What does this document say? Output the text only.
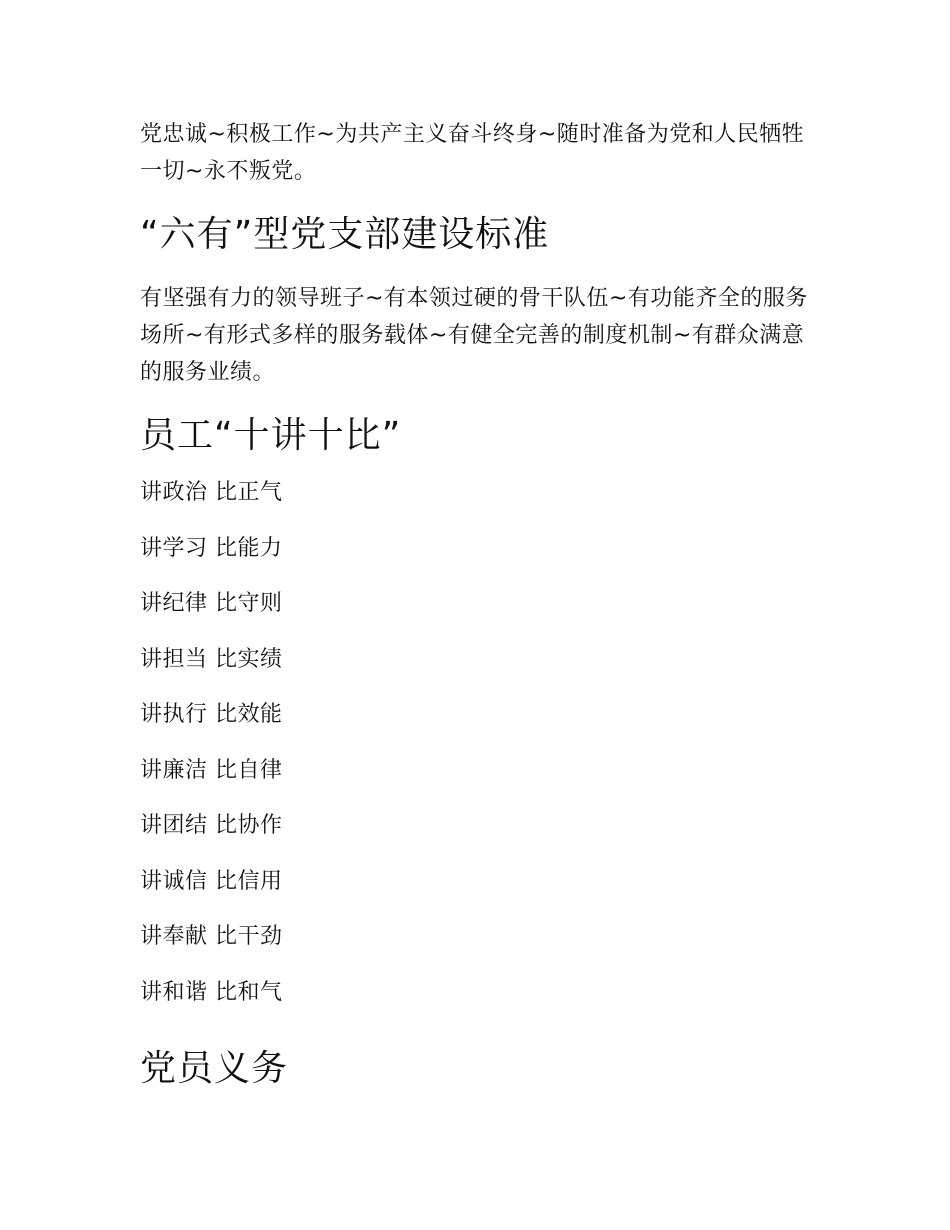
党忠诚~积极工作~为共产主义奋斗终身~随时准备为党和人民牺牲一切~永不叛党。

“六有”型党支部建设标准

有坚强有力的领导班子~有本领过硬的骨干队伍~有功能齐全的服务场所~有形式多样的服务载体~有健全完善的制度机制~有群众满意的服务业绩。

员工“十讲十比”
讲政治 比正气
讲学习 比能力
讲纪律 比守则
讲担当 比实绩
讲执行 比效能
讲廉洁 比自律
讲团结 比协作
讲诚信 比信用
讲奉献 比干劲
讲和谐 比和气
党员义务
